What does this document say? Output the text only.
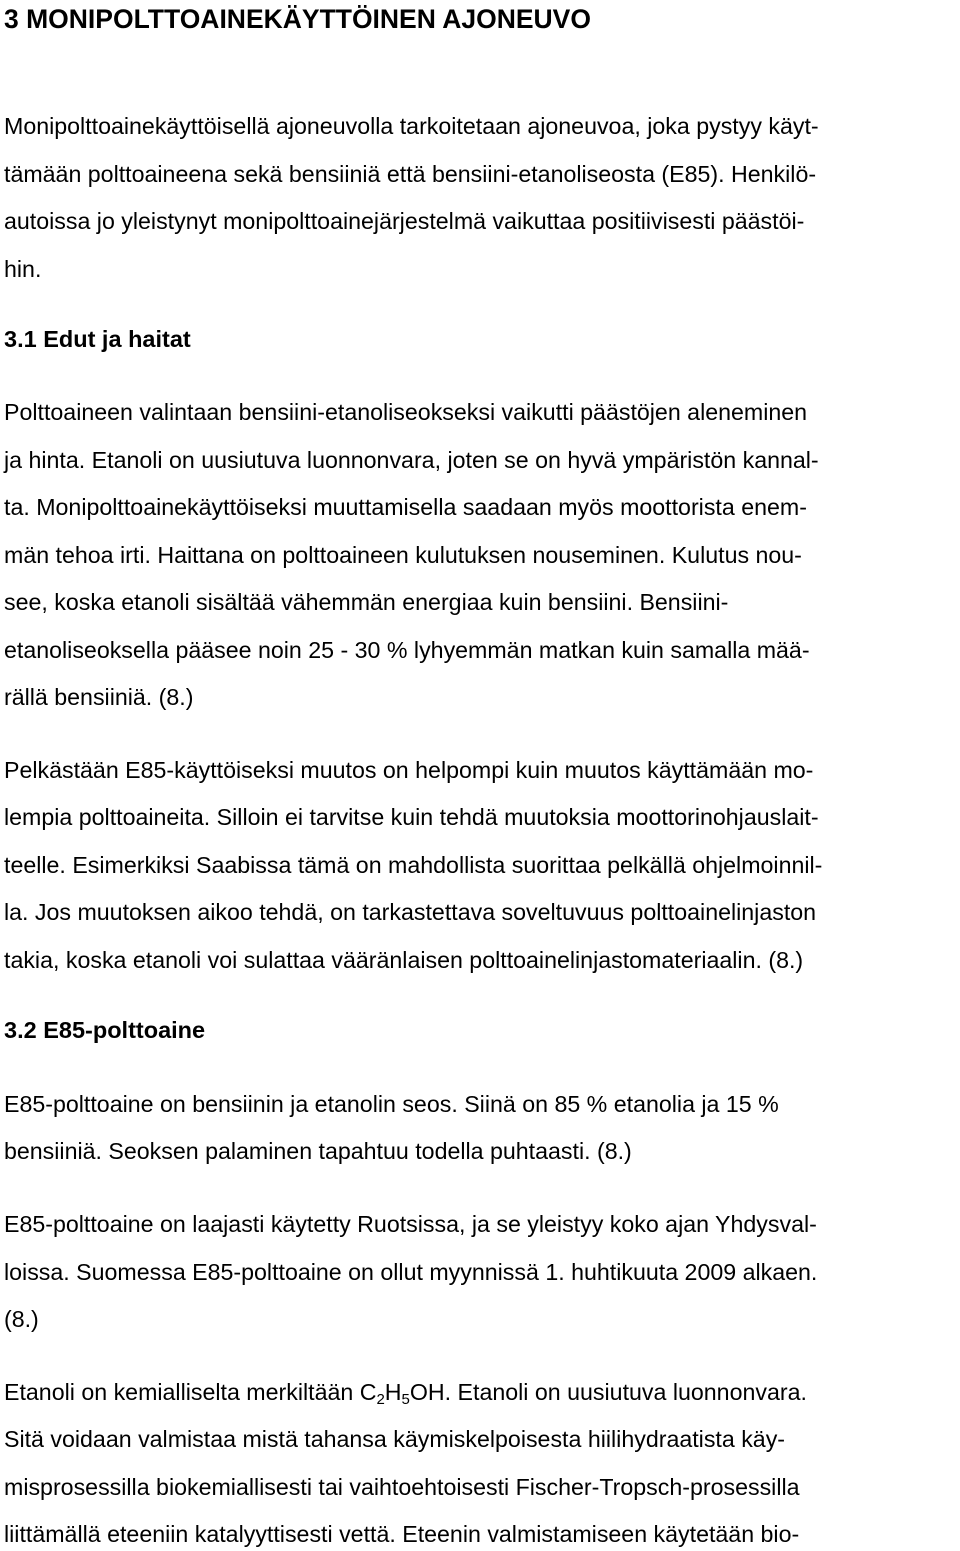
3 MONIPOLTTOAINEKÄYTTÖINEN AJONEUVO
Monipolttoainekäyttöisellä ajoneuvolla tarkoitetaan ajoneuvoa, joka pystyy käyt-
tämään polttoaineena sekä bensiiniä että bensiini-etanoliseosta (E85). Henkilö-
autoissa jo yleistynyt monipolttoainejärjestelmä vaikuttaa positiivisesti päästöi-
hin.
3.1 Edut ja haitat
Polttoaineen valintaan bensiini-etanoliseokseksi vaikutti päästöjen aleneminen
ja hinta. Etanoli on uusiutuva luonnonvara, joten se on hyvä ympäristön kannal-
ta. Monipolttoainekäyttöiseksi muuttamisella saadaan myös moottorista enem-
män tehoa irti. Haittana on polttoaineen kulutuksen nouseminen. Kulutus nou-
see, koska etanoli sisältää vähemmän energiaa kuin bensiini. Bensiini-
etanoliseoksella pääsee noin 25 - 30 % lyhyemmän matkan kuin samalla mää-
rällä bensiiniä. (8.)
Pelkästään E85-käyttöiseksi muutos on helpompi kuin muutos käyttämään mo-
lempia polttoaineita. Silloin ei tarvitse kuin tehdä muutoksia moottorinohjauslait-
teelle. Esimerkiksi Saabissa tämä on mahdollista suorittaa pelkällä ohjelmoinnil-
la. Jos muutoksen aikoo tehdä, on tarkastettava soveltuvuus polttoainelinjaston
takia, koska etanoli voi sulattaa vääränlaisen polttoainelinjastomateriaalin. (8.)
3.2 E85-polttoaine
E85-polttoaine on bensiinin ja etanolin seos. Siinä on 85 % etanolia ja 15 %
bensiiniä. Seoksen palaminen tapahtuu todella puhtaasti. (8.)
E85-polttoaine on laajasti käytetty Ruotsissa, ja se yleistyy koko ajan Yhdysval-
loissa. Suomessa E85-polttoaine on ollut myynnissä 1. huhtikuuta 2009 alkaen.
(8.)
Etanoli on kemialliselta merkiltään $C_2H_5OH$. Etanoli on uusiutuva luonnonvara.
Sitä voidaan valmistaa mistä tahansa käymiskelpoisesta hiilihydraatista käy-
misprosessilla biokemiallisesti tai vaihtoehtoisesti Fischer-Tropsch-prosessilla
liittämällä eteeniin katalyyttisesti vettä. Eteenin valmistamiseen käytetään bio-
